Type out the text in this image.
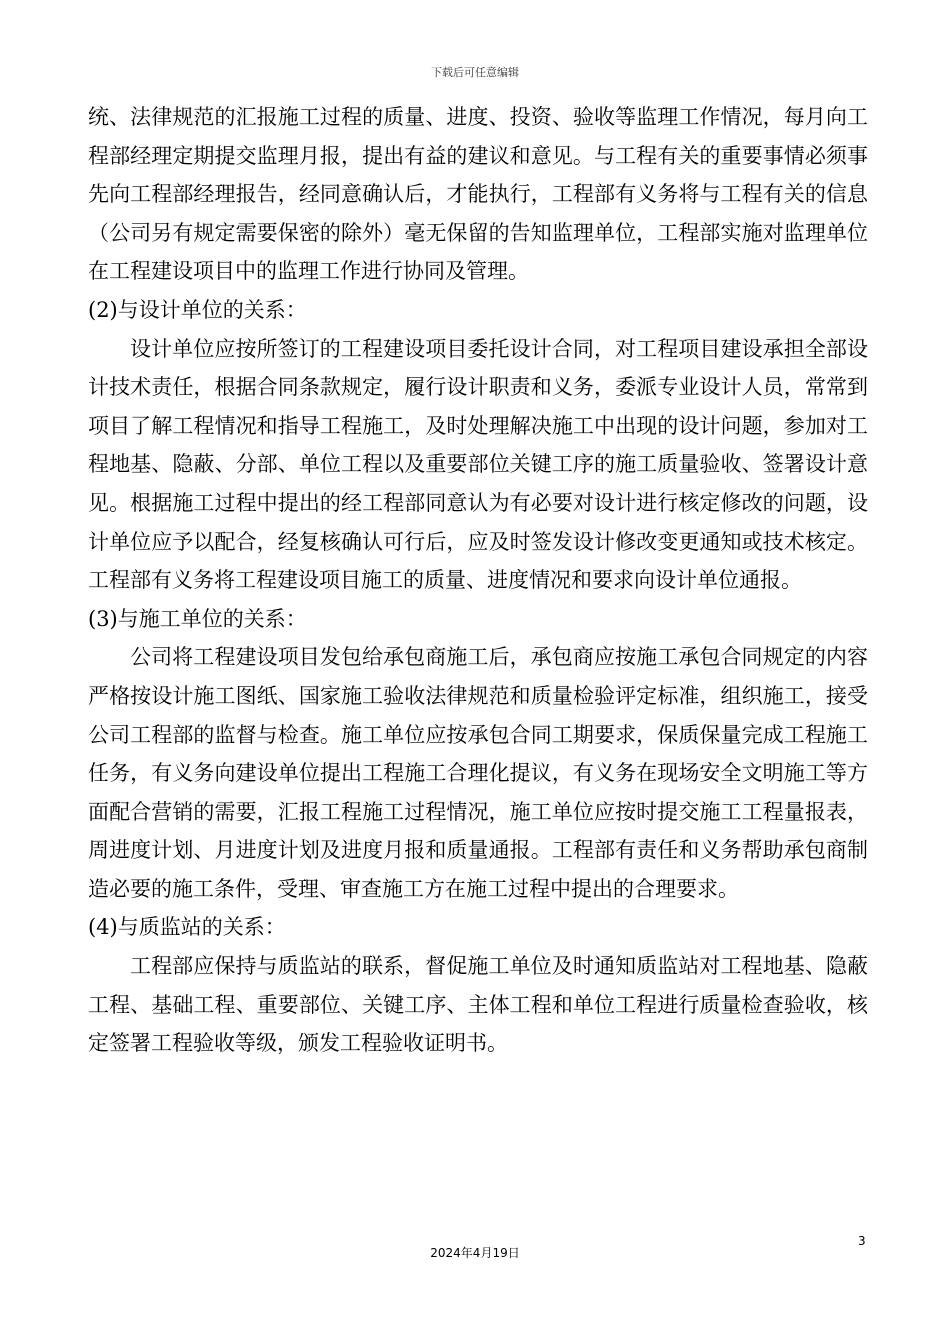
下载后可任意编辑

统、法律规范的汇报施工过程的质量、进度、投资、验收等监理工作情况，每月向工程部经理定期提交监理月报，提出有益的建议和意见。与工程有关的重要事情必须事先向工程部经理报告，经同意确认后，才能执行，工程部有义务将与工程有关的信息（公司另有规定需要保密的除外）毫无保留的告知监理单位，工程部实施对监理单位在工程建设项目中的监理工作进行协同及管理。

(2)与设计单位的关系：

设计单位应按所签订的工程建设项目委托设计合同，对工程项目建设承担全部设计技术责任，根据合同条款规定，履行设计职责和义务，委派专业设计人员，常常到项目了解工程情况和指导工程施工，及时处理解决施工中出现的设计问题，参加对工程地基、隐蔽、分部、单位工程以及重要部位关键工序的施工质量验收、签署设计意见。根据施工过程中提出的经工程部同意认为有必要对设计进行核定修改的问题，设计单位应予以配合，经复核确认可行后，应及时签发设计修改变更通知或技术核定。工程部有义务将工程建设项目施工的质量、进度情况和要求向设计单位通报。

(3)与施工单位的关系：

公司将工程建设项目发包给承包商施工后，承包商应按施工承包合同规定的内容严格按设计施工图纸、国家施工验收法律规范和质量检验评定标准，组织施工，接受公司工程部的监督与检查。施工单位应按承包合同工期要求，保质保量完成工程施工任务，有义务向建设单位提出工程施工合理化提议，有义务在现场安全文明施工等方面配合营销的需要，汇报工程施工过程情况，施工单位应按时提交施工工程量报表，周进度计划、月进度计划及进度月报和质量通报。工程部有责任和义务帮助承包商制造必要的施工条件，受理、审查施工方在施工过程中提出的合理要求。

(4)与质监站的关系：

工程部应保持与质监站的联系，督促施工单位及时通知质监站对工程地基、隐蔽工程、基础工程、重要部位、关键工序、主体工程和单位工程进行质量检查验收，核定签署工程验收等级，颁发工程验收证明书。

3
2024年4月19日
